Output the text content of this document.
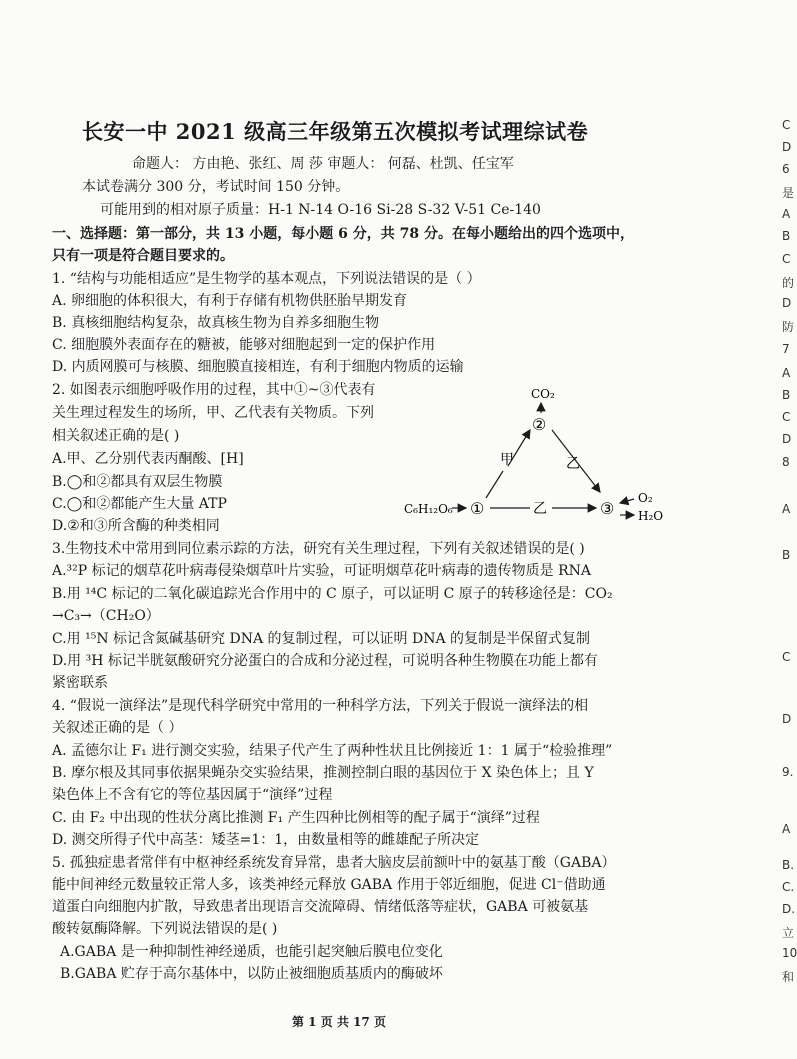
长安一中 2021 级高三年级第五次模拟考试理综试卷
命题人： 方由艳、张红、周 莎 审题人： 何磊、杜凯、任宝军
本试卷满分 300 分，考试时间 150 分钟。
可能用到的相对原子质量：H-1 N-14 O-16 Si-28 S-32 V-51 Ce-140
一、选择题：第一部分，共 13 小题，每小题 6 分，共 78 分。在每小题给出的四个选项中，
只有一项是符合题目要求的。
1. “结构与功能相适应”是生物学的基本观点，下列说法错误的是（ ）
A. 卵细胞的体积很大，有利于存储有机物供胚胎早期发育
B. 真核细胞结构复杂，故真核生物为自养多细胞生物
C. 细胞膜外表面存在的糖被，能够对细胞起到一定的保护作用
D. 内质网膜可与核膜、细胞膜直接相连，有利于细胞内物质的运输
2. 如图表示细胞呼吸作用的过程，其中①~③代表有
关生理过程发生的场所，甲、乙代表有关物质。下列
相关叙述正确的是( )
A.甲、乙分别代表丙酮酸、[H]
B.◯和②都具有双层生物膜
C.◯和②都能产生大量 ATP
D.②和③所含酶的种类相同
CO₂
②
甲	乙
C₆H₁₂O₆ ①	乙	③
O₂
H₂O
3.生物技术中常用到同位素示踪的方法，研究有关生理过程，下列有关叙述错误的是( )
A.³²P 标记的烟草花叶病毒侵染烟草叶片实验，可证明烟草花叶病毒的遗传物质是 RNA
B.用 ¹⁴C 标记的二氧化碳追踪光合作用中的 C 原子，可以证明 C 原子的转移途径是：CO₂
→C₃→（CH₂O）
C.用 ¹⁵N 标记含氮碱基研究 DNA 的复制过程，可以证明 DNA 的复制是半保留式复制
D.用 ³H 标记半胱氨酸研究分泌蛋白的合成和分泌过程，可说明各种生物膜在功能上都有
紧密联系
4. “假说一演绎法”是现代科学研究中常用的一种科学方法，下列关于假说一演绎法的相
关叙述正确的是（ ）
A. 孟德尔让 F₁ 进行测交实验，结果子代产生了两种性状且比例接近 1：1 属于“检验推理”
B. 摩尔根及其同事依据果蝇杂交实验结果，推测控制白眼的基因位于 X 染色体上；且 Y
染色体上不含有它的等位基因属于“演绎”过程
C. 由 F₂ 中出现的性状分离比推测 F₁ 产生四种比例相等的配子属于“演绎”过程
D. 测交所得子代中高茎：矮茎=1：1，由数量相等的雌雄配子所决定
5. 孤独症患者常伴有中枢神经系统发育异常，患者大脑皮层前额叶中的氨基丁酸（GABA）
能中间神经元数量较正常人多，该类神经元释放 GABA 作用于邻近细胞，促进 Cl⁻借助通
道蛋白向细胞内扩散，导致患者出现语言交流障碍、情绪低落等症状，GABA 可被氨基
酸转氨酶降解。下列说法错误的是( )
A.GABA 是一种抑制性神经递质，也能引起突触后膜电位变化
B.GABA 贮存于高尔基体中，以防止被细胞质基质内的酶破坏
第 1 页 共 17 页
C
D
6
是
A
B
C
的
D
防
7
A
B
C
D
8
A
B
C
D
9.
A
B.
C.
D.
立
10
和
